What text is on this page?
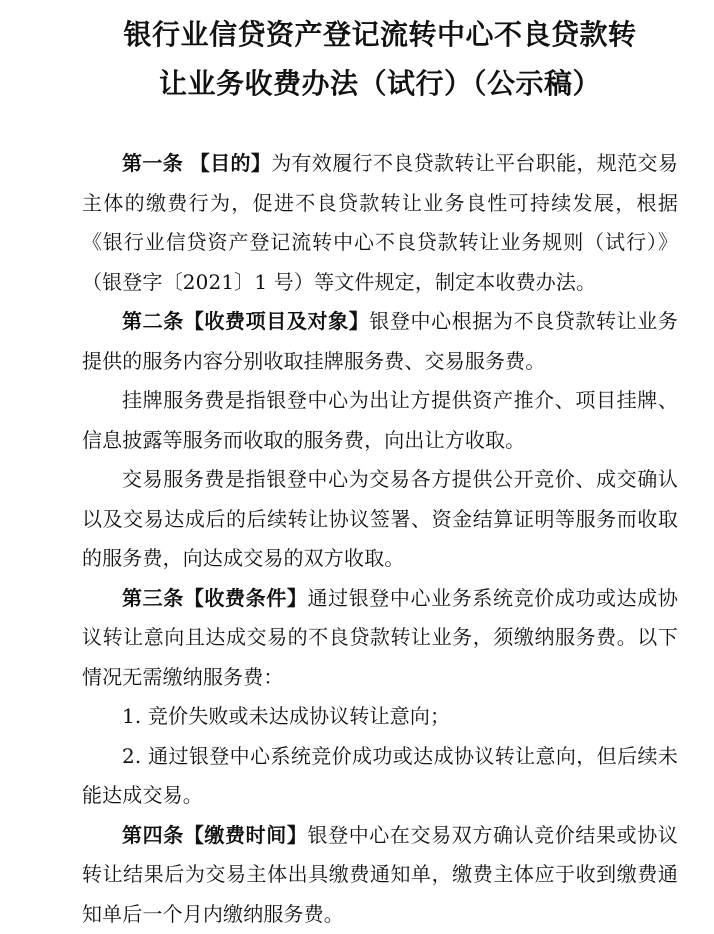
银行业信贷资产登记流转中心不良贷款转
让业务收费办法（试行）（公示稿）

第一条 【目的】为有效履行不良贷款转让平台职能，规范交易主体的缴费行为，促进不良贷款转让业务良性可持续发展，根据《银行业信贷资产登记流转中心不良贷款转让业务规则（试行）》（银登字〔2021〕1 号）等文件规定，制定本收费办法。

第二条【收费项目及对象】银登中心根据为不良贷款转让业务提供的服务内容分别收取挂牌服务费、交易服务费。

挂牌服务费是指银登中心为出让方提供资产推介、项目挂牌、信息披露等服务而收取的服务费，向出让方收取。

交易服务费是指银登中心为交易各方提供公开竞价、成交确认以及交易达成后的后续转让协议签署、资金结算证明等服务而收取的服务费，向达成交易的双方收取。

第三条【收费条件】通过银登中心业务系统竞价成功或达成协议转让意向且达成交易的不良贷款转让业务，须缴纳服务费。以下情况无需缴纳服务费：

1. 竞价失败或未达成协议转让意向；

2. 通过银登中心系统竞价成功或达成协议转让意向，但后续未能达成交易。

第四条【缴费时间】银登中心在交易双方确认竞价结果或协议转让结果后为交易主体出具缴费通知单，缴费主体应于收到缴费通知单后一个月内缴纳服务费。
